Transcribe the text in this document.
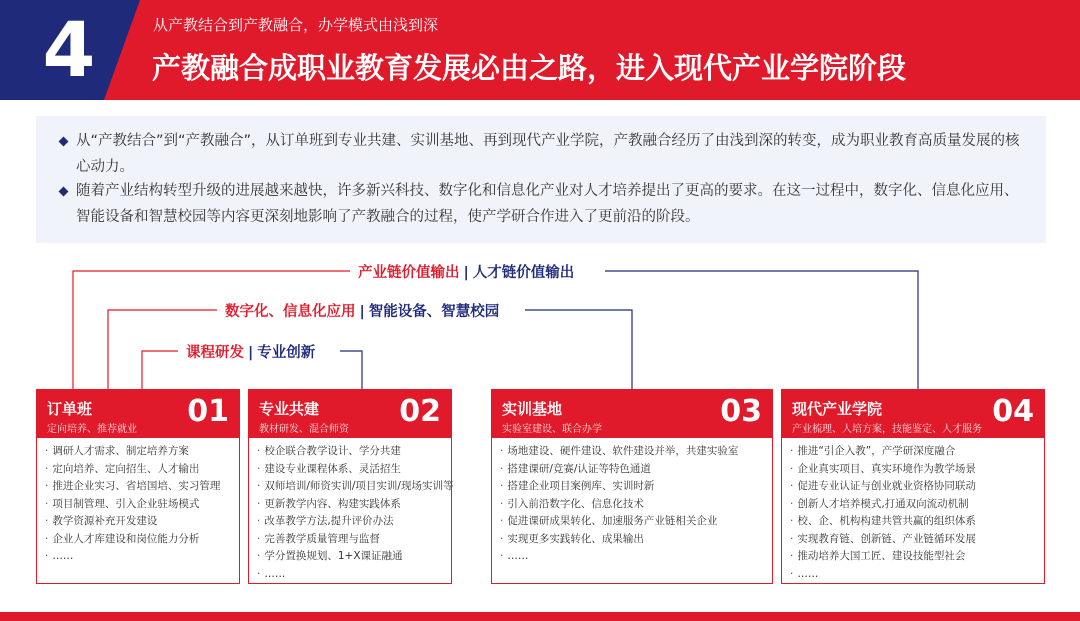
4	从产教结合到产教融合，办学模式由浅到深
产教融合成职业教育发展必由之路，进入现代产业学院阶段
从“产教结合”到“产教融合”，从订单班到专业共建、实训基地、再到现代产业学院，产教融合经历了由浅到深的转变，成为职业教育高质量发展的核心动力。
随着产业结构转型升级的进展越来越快，许多新兴科技、数字化和信息化产业对人才培养提出了更高的要求。在这一过程中，数字化、信息化应用、智能设备和智慧校园等内容更深刻地影响了产教融合的过程，使产学研合作进入了更前沿的阶段。
产业链价值输出 | 人才链价值输出
数字化、信息化应用 | 智能设备、智慧校园
课程研发 | 专业创新
订单班
定向培养、推荐就业
01
· 调研人才需求、制定培养方案
· 定向培养、定向招生、人才输出
· 推进企业实习、省培国培、实习管理
· 项目制管理、引入企业驻场模式
· 教学资源补充开发建设
· 企业人才库建设和岗位能力分析
· ……
专业共建
教材研发、混合师资
02
· 校企联合教学设计、学分共建
· 建设专业课程体系、灵活招生
· 双师培训/师资实训/项目实训/现场实训等
· 更新教学内容、构建实践体系
· 改革教学方法,提升评价办法
· 完善教学质量管理与监督
· 学分置换规划、1+X课证融通
· ……
实训基地
实验室建设、联合办学
03
· 场地建设、硬件建设、软件建设并举，共建实验室
· 搭建课研/竞赛/认证等特色通道
· 搭建企业项目案例库、实训时新
· 引入前沿数字化、信息化技术
· 促进课研成果转化、加速服务产业链相关企业
· 实现更多实践转化、成果输出
· ……
现代产业学院
产业梳理、人培方案，技能鉴定、人才服务
04
· 推进“引企入教”，产学研深度融合
· 企业真实项目、真实环境作为教学场景
· 促进专业认证与创业就业资格协同联动
· 创新人才培养模式,打通双向流动机制
· 校、企、机构构建共管共赢的组织体系
· 实现教育链、创新链、产业链循环发展
· 推动培养大国工匠、建设技能型社会
· ……
